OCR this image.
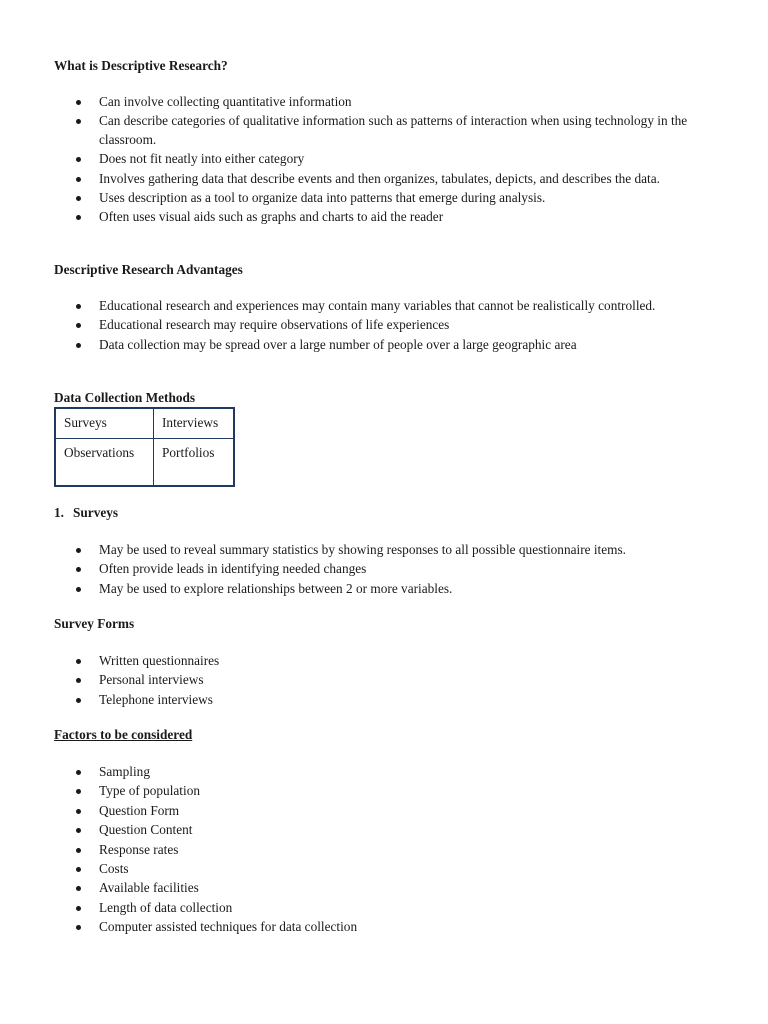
What is Descriptive Research?
Can involve collecting quantitative information
Can describe categories of qualitative information such as patterns of interaction when using technology in the classroom.
Does not fit neatly into either category
Involves gathering data that describe events and then organizes, tabulates, depicts, and describes the data.
Uses description as a tool to organize data into patterns that emerge during analysis.
Often uses visual aids such as graphs and charts to aid the reader
Descriptive Research Advantages
Educational research and experiences may contain many variables that cannot be realistically controlled.
Educational research may require observations of life experiences
Data collection may be spread over a large number of people over a large geographic area
Data Collection Methods
Surveys	Interviews
Observations	Portfolios
1. Surveys
May be used to reveal summary statistics by showing responses to all possible questionnaire items.
Often provide leads in identifying needed changes
May be used to explore relationships between 2 or more variables.
Survey Forms
Written questionnaires
Personal interviews
Telephone interviews
Factors to be considered
Sampling
Type of population
Question Form
Question Content
Response rates
Costs
Available facilities
Length of data collection
Computer assisted techniques for data collection
